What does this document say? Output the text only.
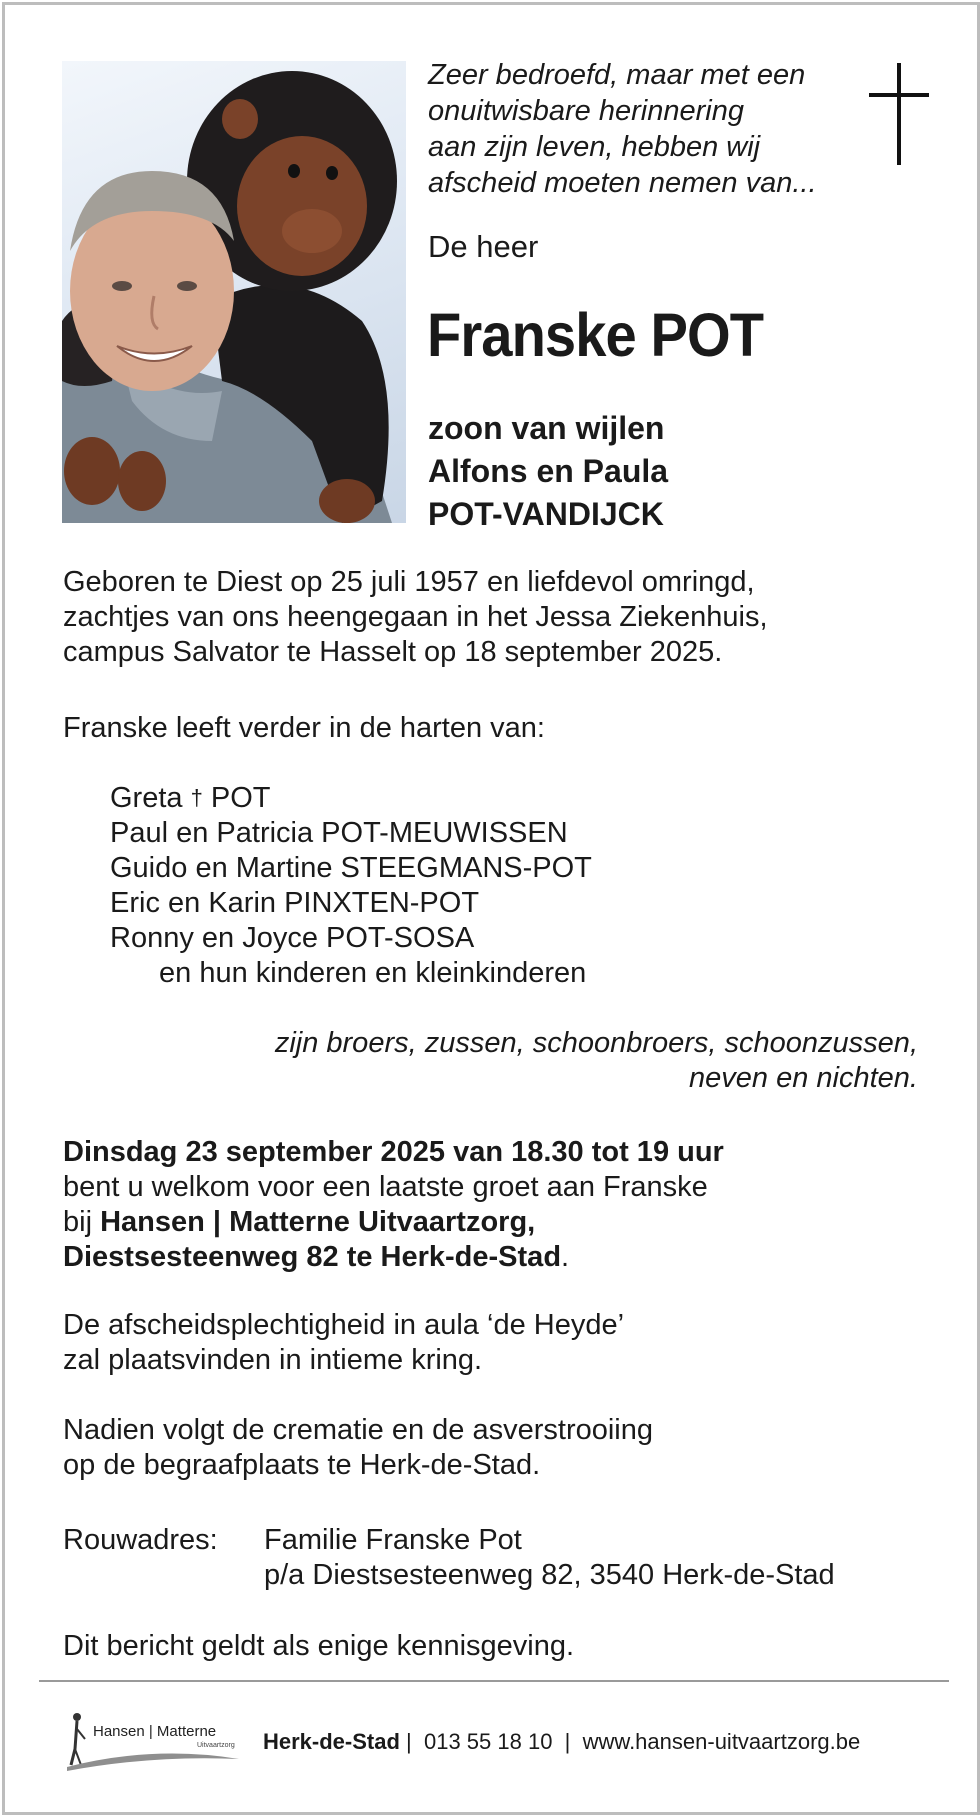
Zeer bedroefd, maar met een
onuitwisbare herinnering
aan zijn leven, hebben wij
afscheid moeten nemen van...
De heer
Franske POT
zoon van wijlen
Alfons en Paula
POT-VANDIJCK
Geboren te Diest op 25 juli 1957 en liefdevol omringd,
zachtjes van ons heengegaan in het Jessa Ziekenhuis,
campus Salvator te Hasselt op 18 september 2025.
Franske leeft verder in de harten van:
Greta † POT
Paul en Patricia POT-MEUWISSEN
Guido en Martine STEEGMANS-POT
Eric en Karin PINXTEN-POT
Ronny en Joyce POT-SOSA
en hun kinderen en kleinkinderen
zijn broers, zussen, schoonbroers, schoonzussen,
neven en nichten.
Dinsdag 23 september 2025 van 18.30 tot 19 uur
bent u welkom voor een laatste groet aan Franske
bij Hansen | Matterne Uitvaartzorg,
Diestsesteenweg 82 te Herk-de-Stad.
De afscheidsplechtigheid in aula ‘de Heyde’
zal plaatsvinden in intieme kring.
Nadien volgt de crematie en de asverstrooiing
op de begraafplaats te Herk-de-Stad.
Rouwadres: Familie Franske Pot
p/a Diestsesteenweg 82, 3540 Herk-de-Stad
Dit bericht geldt als enige kennisgeving.
Hansen | Matterne
Uitvaartzorg Herk-de-Stad |  013 55 18 10  |  www.hansen-uitvaartzorg.be
